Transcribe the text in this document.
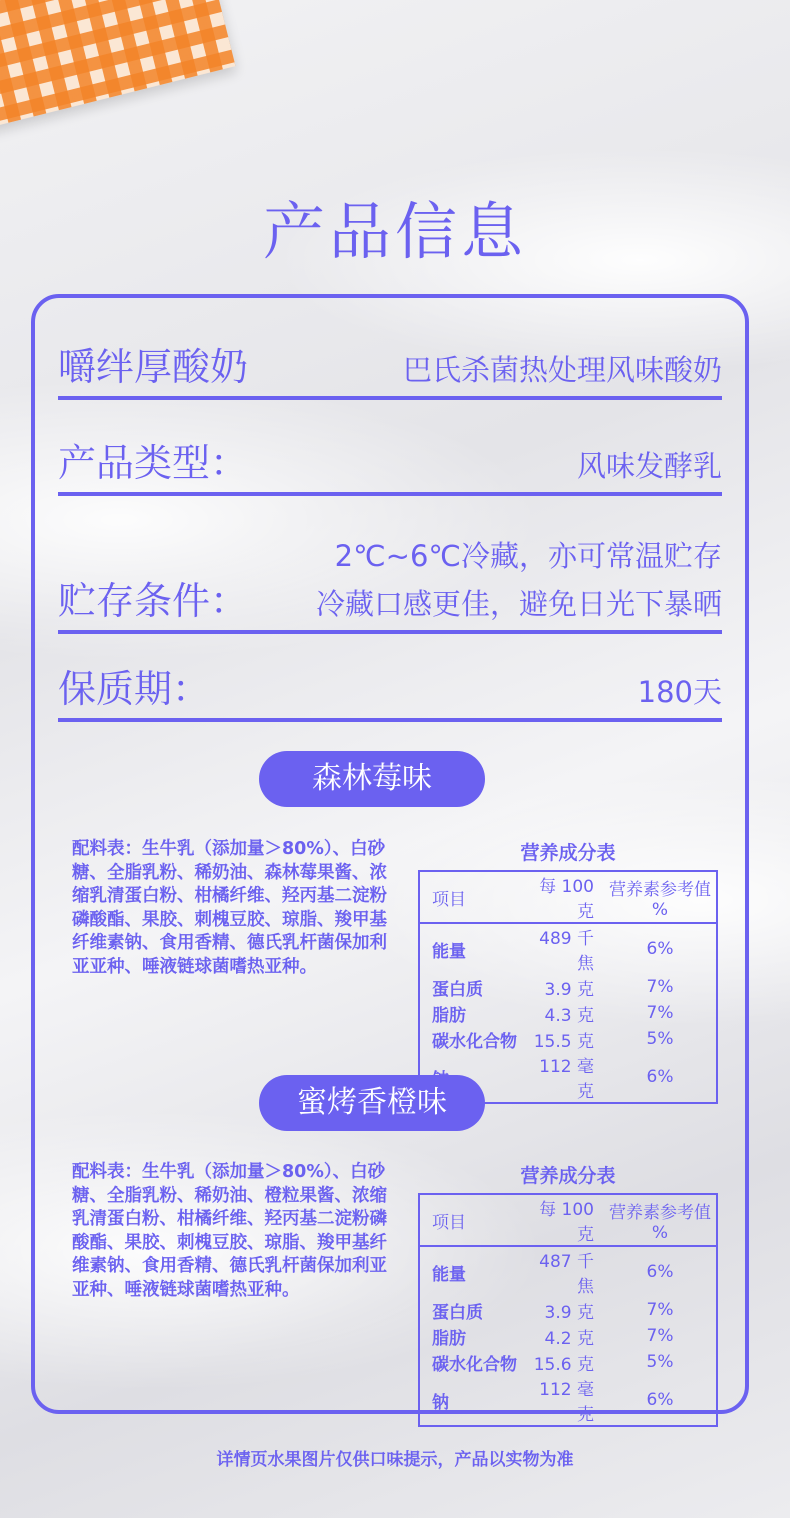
产品信息
嚼绊厚酸奶	巴氏杀菌热处理风味酸奶
产品类型：	风味发酵乳
贮存条件：
2℃~6℃冷藏，亦可常温贮存
冷藏口感更佳，避免日光下暴晒
保质期：	180天
森林莓味
配料表：生牛乳（添加量＞80%）、白砂糖、全脂乳粉、稀奶油、森林莓果酱、浓缩乳清蛋白粉、柑橘纤维、羟丙基二淀粉磷酸酯、果胶、刺槐豆胶、琼脂、羧甲基纤维素钠、食用香精、德氏乳杆菌保加利亚亚种、唾液链球菌嗜热亚种。
营养成分表
项目	每 100 克	营养素参考值 %
能量	489 千焦	6%
蛋白质	3.9 克	7%
脂肪	4.3 克	7%
碳水化合物	15.5 克	5%
	112 毫克	6%
蜜烤香橙味
配料表：生牛乳（添加量＞80%）、白砂糖、全脂乳粉、稀奶油、橙粒果酱、浓缩乳清蛋白粉、柑橘纤维、羟丙基二淀粉磷酸酯、果胶、刺槐豆胶、琼脂、羧甲基纤维素钠、食用香精、德氏乳杆菌保加利亚亚种、唾液链球菌嗜热亚种。
营养成分表
项目	每 100 克	营养素参考值 %
能量	487 千焦	6%
蛋白质	3.9 克	7%
脂肪	4.2 克	7%
碳水化合物	15.6 克	5%
钠	112 毫克	6%
详情页水果图片仅供口味提示，产品以实物为准
